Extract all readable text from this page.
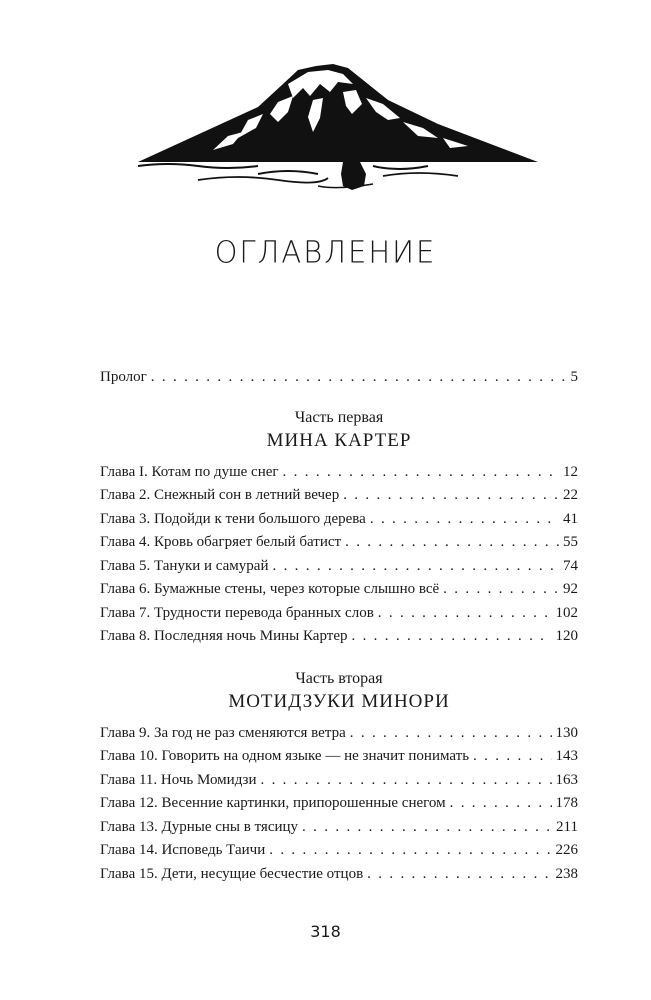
ОГЛАВЛЕНИЕ
Пролог . . .	5
Часть первая
МИНА КАРТЕР
Глава I. Котам по душе снег . . .	12
Глава 2. Снежный сон в летний вечер . . .	22
Глава 3. Подойди к тени большого дерева . . .	41
Глава 4. Кровь обагряет белый батист . . .	55
Глава 5. Тануки и самурай . . .	74
Глава 6. Бумажные стены, через которые слышно всё . . .	92
Глава 7. Трудности перевода бранных слов . . .	102
Глава 8. Последняя ночь Мины Картер . . .	120
Часть вторая
МОТИДЗУКИ МИНОРИ
Глава 9. За год не раз сменяются ветра . . .	130
Глава 10. Говорить на одном языке — не значит понимать . . .	143
Глава 11. Ночь Момидзи . . .	163
Глава 12. Весенние картинки, припорошенные снегом . . .	178
Глава 13. Дурные сны в тясицу . . .	211
Глава 14. Исповедь Таичи . . .	226
Глава 15. Дети, несущие бесчестие отцов . . .	238
318
